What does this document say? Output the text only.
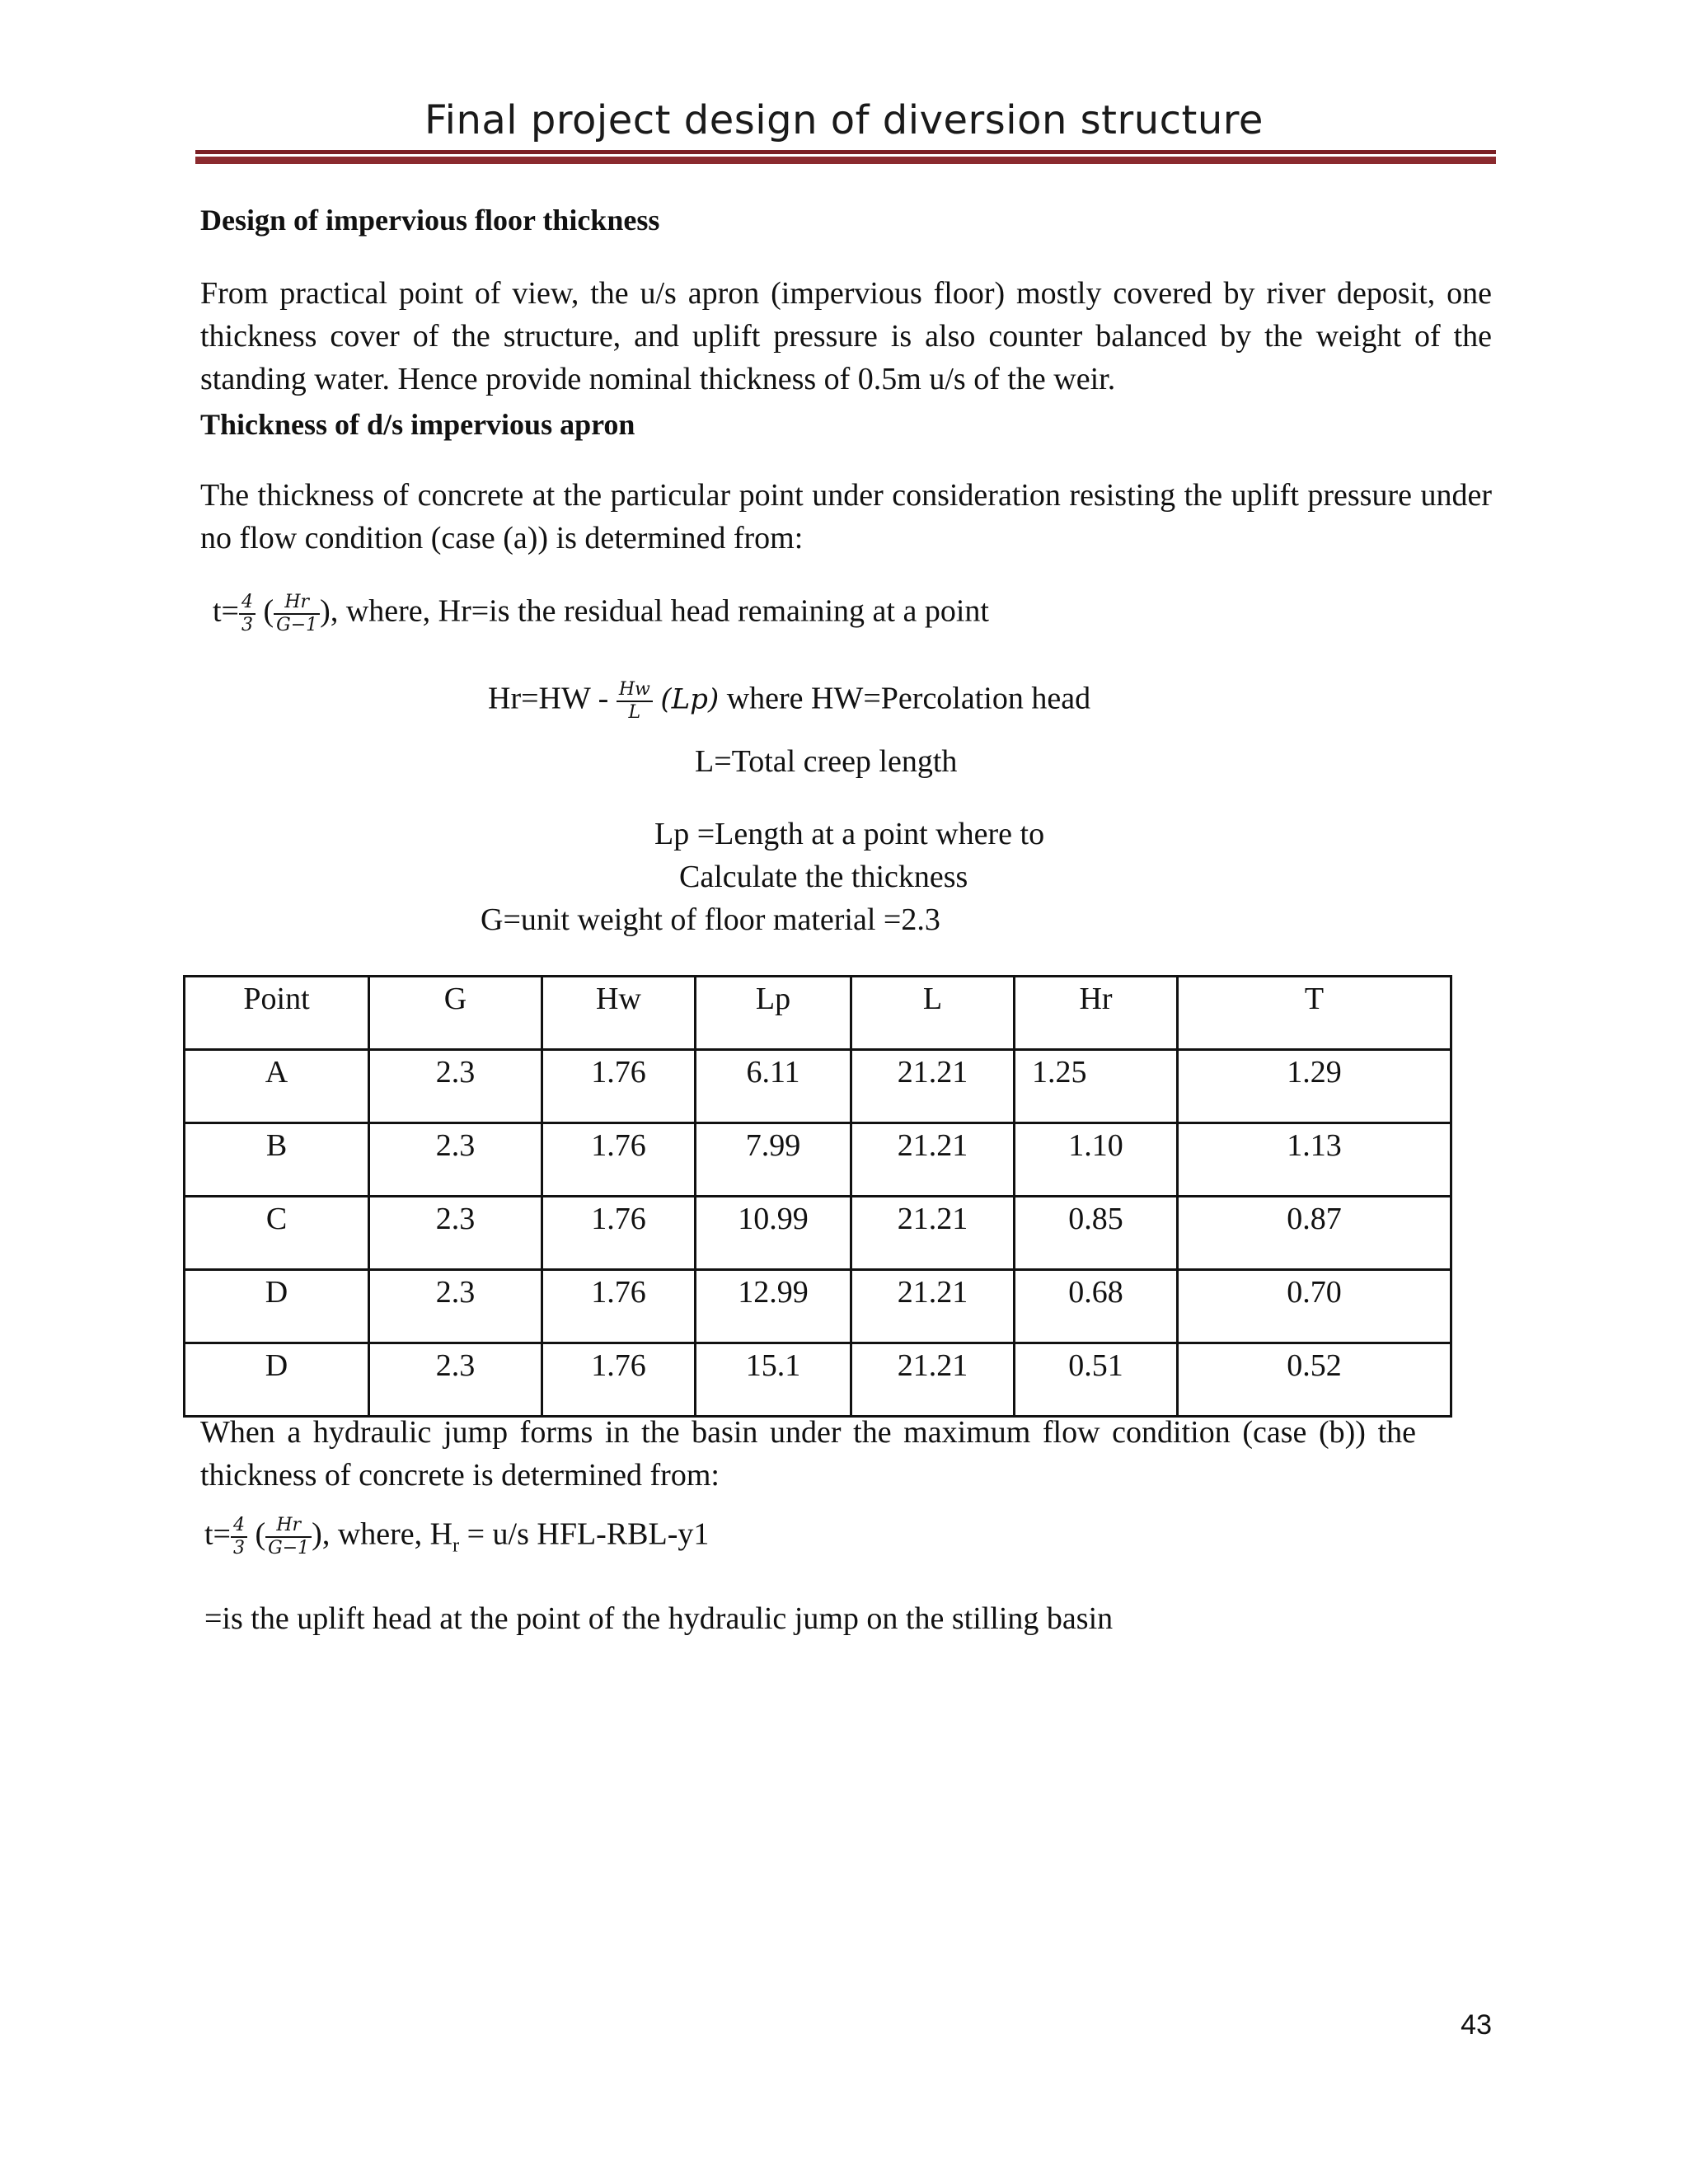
Final project design of diversion structure
Design of impervious floor thickness
From practical point of view, the u/s apron (impervious floor) mostly covered by river deposit, one thickness cover of the structure, and uplift pressure is also counter balanced by the weight of the standing water. Hence provide nominal thickness of 0.5m u/s of the weir.
Thickness of d/s impervious apron
The thickness of concrete at the particular point under consideration resisting the uplift pressure under no flow condition (case (a)) is determined from:
$t= \frac{4}{3}$ ( $\frac{Hr}{G-1}$ ), where, Hr=is the residual head remaining at a point
$Hr=HW - \frac{Hw}{L} (Lp)$ where HW=Percolation head
L=Total creep length
Lp =Length at a point where to
Calculate the thickness
G=unit weight of floor material =2.3
Point	G	Hw	Lp	L	Hr	T
A	2.3	1.76	6.11	21.21	1.25	1.29
B	2.3	1.76	7.99	21.21	1.10	1.13
C	2.3	1.76	10.99	21.21	0.85	0.87
D	2.3	1.76	12.99	21.21	0.68	0.70
D	2.3	1.76	15.1	21.21	0.51	0.52
When a hydraulic jump forms in the basin under the maximum flow condition (case (b)) the thickness of concrete is determined from:
$t= \frac{4}{3}$ ( $\frac{Hr}{G-1}$ ), where, $H_r = u/s$ HFL-RBL-y1
=is the uplift head at the point of the hydraulic jump on the stilling basin
43
